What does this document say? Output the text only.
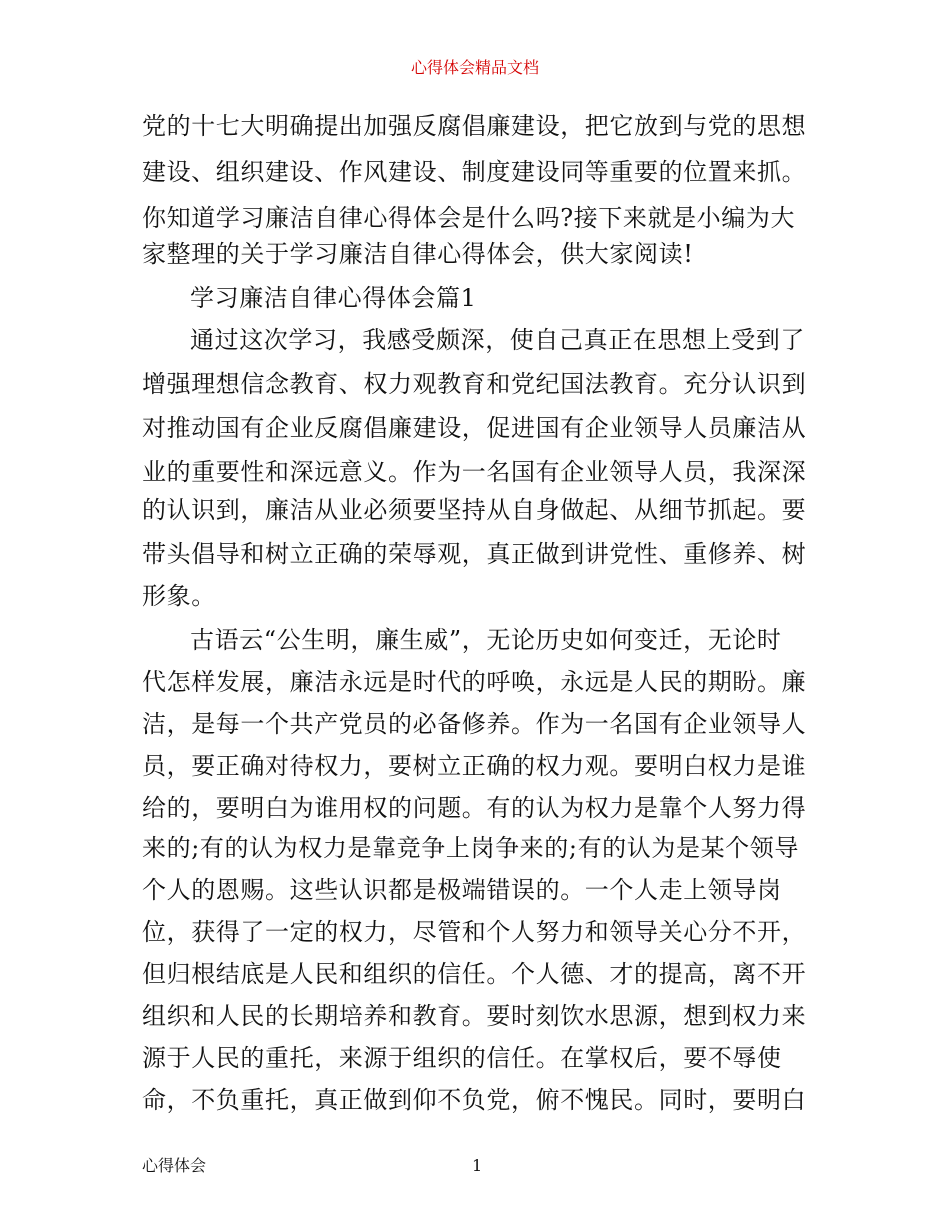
心得体会精品文档
党的十七大明确提出加强反腐倡廉建设，把它放到与党的思想
建设、组织建设、作风建设、制度建设同等重要的位置来抓。
你知道学习廉洁自律心得体会是什么吗?接下来就是小编为大
家整理的关于学习廉洁自律心得体会，供大家阅读!
学习廉洁自律心得体会篇1
通过这次学习，我感受颇深，使自己真正在思想上受到了
增强理想信念教育、权力观教育和党纪国法教育。充分认识到
对推动国有企业反腐倡廉建设，促进国有企业领导人员廉洁从
业的重要性和深远意义。作为一名国有企业领导人员，我深深
的认识到，廉洁从业必须要坚持从自身做起、从细节抓起。要
带头倡导和树立正确的荣辱观，真正做到讲党性、重修养、树
形象。
古语云“公生明，廉生威”，无论历史如何变迁，无论时
代怎样发展，廉洁永远是时代的呼唤，永远是人民的期盼。廉
洁，是每一个共产党员的必备修养。作为一名国有企业领导人
员，要正确对待权力，要树立正确的权力观。要明白权力是谁
给的，要明白为谁用权的问题。有的认为权力是靠个人努力得
来的;有的认为权力是靠竞争上岗争来的;有的认为是某个领导
个人的恩赐。这些认识都是极端错误的。一个人走上领导岗
位，获得了一定的权力，尽管和个人努力和领导关心分不开，
但归根结底是人民和组织的信任。个人德、才的提高，离不开
组织和人民的长期培养和教育。要时刻饮水思源，想到权力来
源于人民的重托，来源于组织的信任。在掌权后，要不辱使
命，不负重托，真正做到仰不负党，俯不愧民。同时，要明白
心得体会	1
